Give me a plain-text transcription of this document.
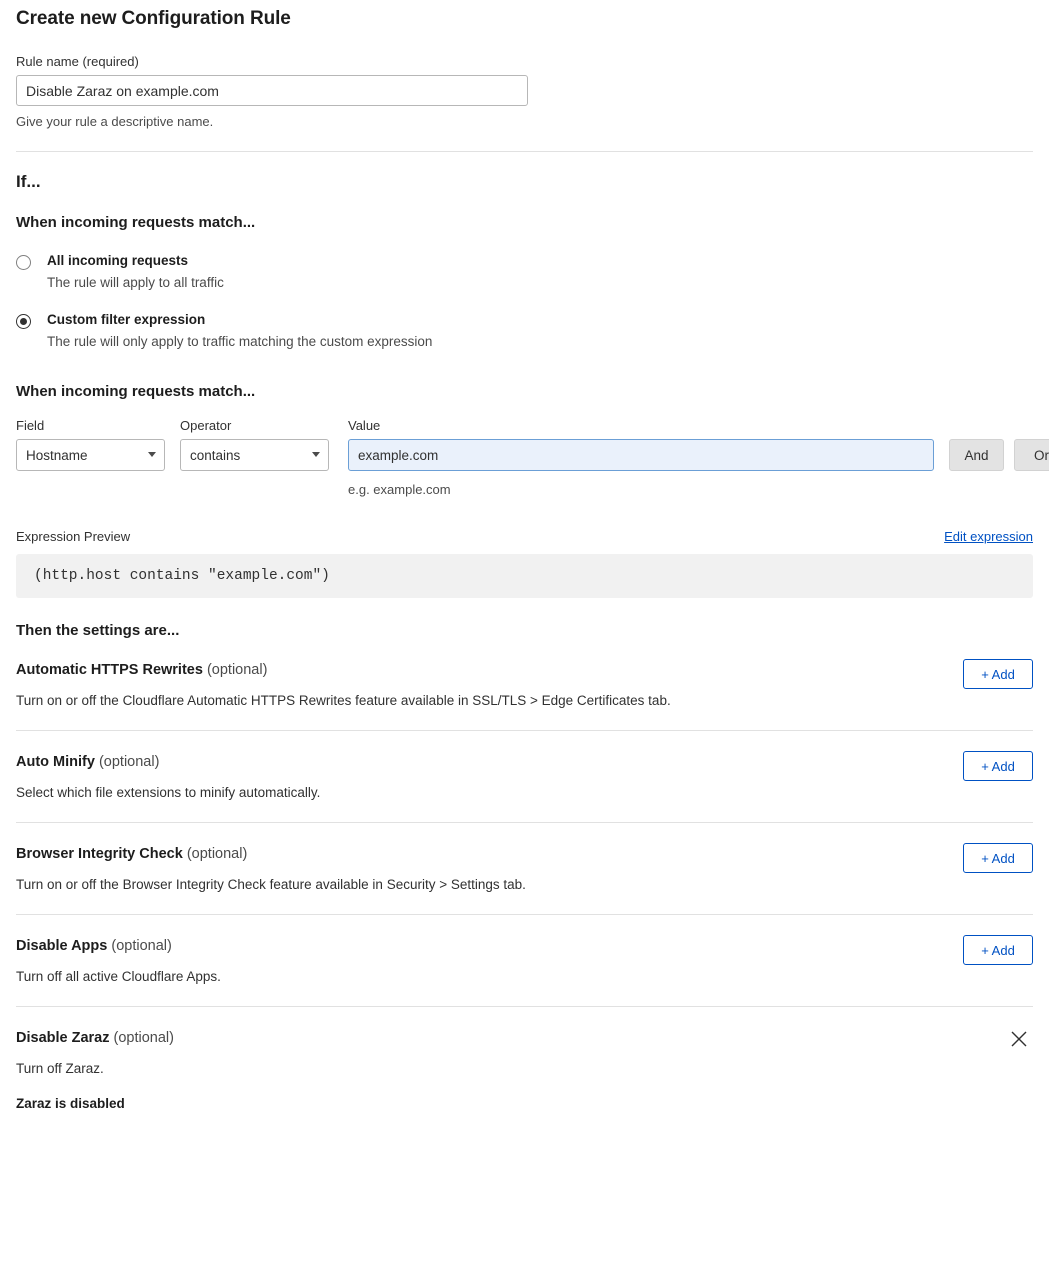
Create new Configuration Rule
Rule name (required)
Disable Zaraz on example.com
Give your rule a descriptive name.
If...
When incoming requests match...
All incoming requests
The rule will apply to all traffic
Custom filter expression
The rule will only apply to traffic matching the custom expression
When incoming requests match...
Field
Hostname
Operator
contains
Value
example.com
e.g. example.com
And	Or
Expression Preview	Edit expression
(http.host contains "example.com")
Then the settings are...
Automatic HTTPS Rewrites (optional)
Turn on or off the Cloudflare Automatic HTTPS Rewrites feature available in SSL/TLS > Edge Certificates tab.
+ Add
Auto Minify (optional)
Select which file extensions to minify automatically.
+ Add
Browser Integrity Check (optional)
Turn on or off the Browser Integrity Check feature available in Security > Settings tab.
+ Add
Disable Apps (optional)
Turn off all active Cloudflare Apps.
+ Add
Disable Zaraz (optional)
Turn off Zaraz.
Zaraz is disabled
